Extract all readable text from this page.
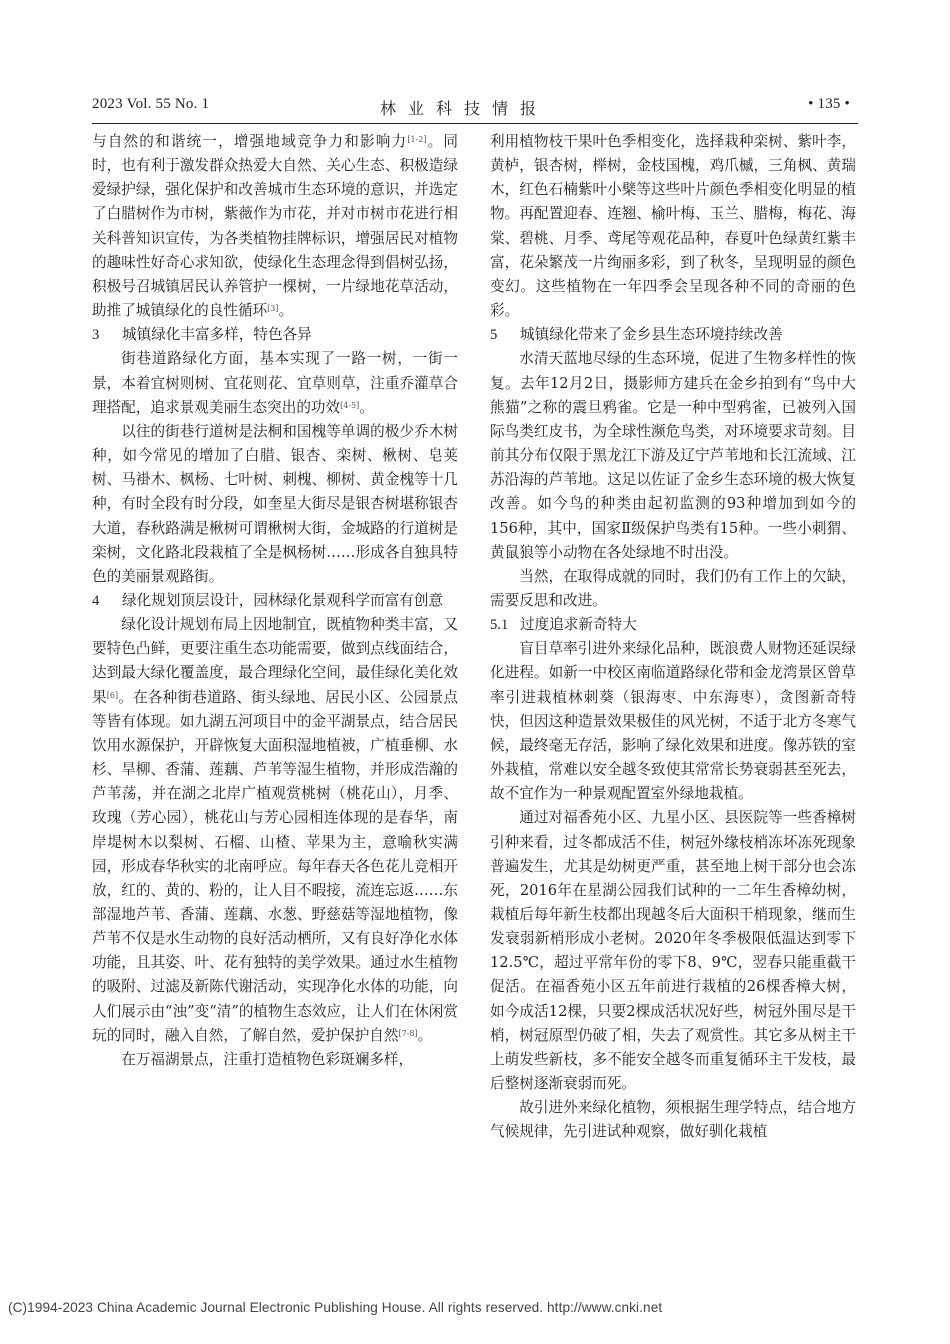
2023 Vol. 55 No. 1	林业科技情报	• 135 •

与自然的和谐统一，增强地域竞争力和影响力[1-2]。同时，也有利于激发群众热爱大自然、关心生态、积极造绿爱绿护绿，强化保护和改善城市生态环境的意识，并选定了白腊树作为市树，紫薇作为市花，并对市树市花进行相关科普知识宣传，为各类植物挂牌标识，增强居民对植物的趣味性好奇心求知欲，使绿化生态理念得到倡树弘扬，积极号召城镇居民认养管护一棵树，一片绿地花草活动，助推了城镇绿化的良性循环[3]。

3 城镇绿化丰富多样，特色各异

街巷道路绿化方面，基本实现了一路一树，一街一景，本着宜树则树、宜花则花、宜草则草，注重乔灌草合理搭配，追求景观美丽生态突出的功效[4-5]。

以往的街巷行道树是法桐和国槐等单调的极少乔木树种，如今常见的增加了白腊、银杏、栾树、楸树、皂荚树、马褂木、枫杨、七叶树、刺槐、柳树、黄金槐等十几种，有时全段有时分段，如奎星大街尽是银杏树堪称银杏大道，春秋路满是楸树可谓楸树大街，金城路的行道树是栾树，文化路北段栽植了全是枫杨树……形成各自独具特色的美丽景观路街。

4 绿化规划顶层设计，园林绿化景观科学而富有创意

绿化设计规划布局上因地制宜，既植物种类丰富，又要特色凸鲜，更要注重生态功能需要，做到点线面结合，达到最大绿化覆盖度，最合理绿化空间，最佳绿化美化效果[6]。在各种街巷道路、街头绿地、居民小区、公园景点等皆有体现。如九湖五河项目中的金平湖景点，结合居民饮用水源保护，开辟恢复大面积湿地植被，广植垂柳、水杉、旱柳、香蒲、莲藕、芦苇等湿生植物，并形成浩瀚的芦苇荡，并在湖之北岸广植观赏桃树（桃花山），月季、玫瑰（芳心园），桃花山与芳心园相连体现的是春华，南岸堤树木以梨树、石榴、山楂、苹果为主，意喻秋实满园，形成春华秋实的北南呼应。每年春天各色花儿竞相开放，红的、黄的、粉的，让人目不暇接，流连忘返……东部湿地芦苇、香蒲、莲藕、水葱、野慈菇等湿地植物，像芦苇不仅是水生动物的良好活动栖所，又有良好净化水体功能，且其姿、叶、花有独特的美学效果。通过水生植物的吸附、过滤及新陈代谢活动，实现净化水体的功能，向人们展示由“浊”变“清”的植物生态效应，让人们在休闲赏玩的同时，融入自然，了解自然，爱护保护自然[7-8]。

在万福湖景点，注重打造植物色彩斑斓多样，

利用植物枝干果叶色季相变化，选择栽种栾树、紫叶李，黄栌，银杏树，榉树，金枝国槐，鸡爪槭，三角枫、黄瑞木，红色石楠紫叶小檗等这些叶片颜色季相变化明显的植物。再配置迎春、连翘、榆叶梅、玉兰、腊梅，梅花、海棠、碧桃、月季、鸢尾等观花品种，春夏叶色绿黄红紫丰富，花朵繁茂一片绚丽多彩，到了秋冬，呈现明显的颜色变幻。这些植物在一年四季会呈现各种不同的奇丽的色彩。

5 城镇绿化带来了金乡县生态环境持续改善

水清天蓝地尽绿的生态环境，促进了生物多样性的恢复。去年12月2日，摄影师方建兵在金乡拍到有“鸟中大熊猫”之称的震旦鸦雀。它是一种中型鸦雀，已被列入国际鸟类红皮书，为全球性濒危鸟类，对环境要求苛刻。目前其分布仅限于黑龙江下游及辽宁芦苇地和长江流域、江苏沿海的芦苇地。这足以佐证了金乡生态环境的极大恢复改善。如今鸟的种类由起初监测的93种增加到如今的156种，其中，国家Ⅱ级保护鸟类有15种。一些小刺猬、黄鼠狼等小动物在各处绿地不时出没。

当然，在取得成就的同时，我们仍有工作上的欠缺，需要反思和改进。

5.1 过度追求新奇特大

盲目草率引进外来绿化品种，既浪费人财物还延误绿化进程。如新一中校区南临道路绿化带和金龙湾景区曾草率引进栽植林刺葵（银海枣、中东海枣），贪图新奇特快，但因这种造景效果极佳的风光树，不适于北方冬寒气候，最终毫无存活，影响了绿化效果和进度。像苏铁的室外栽植，常难以安全越冬致使其常常长势衰弱甚至死去，故不宜作为一种景观配置室外绿地栽植。

通过对福香苑小区、九星小区、县医院等一些香樟树引种来看，过冬都成活不佳，树冠外缘枝梢冻坏冻死现象普遍发生，尤其是幼树更严重，甚至地上树干部分也会冻死，2016年在星湖公园我们试种的一二年生香樟幼树，栽植后每年新生枝都出现越冬后大面积干梢现象，继而生发衰弱新梢形成小老树。2020年冬季极限低温达到零下12.5℃，超过平常年份的零下8、9℃，翌春只能重截干促活。在福香苑小区五年前进行栽植的26棵香樟大树，如今成活12棵，只要2棵成活状况好些，树冠外围尽是干梢，树冠原型仍破了相，失去了观赏性。其它多从树主干上萌发些新枝，多不能安全越冬而重复循环主干发枝，最后整树逐渐衰弱而死。

故引进外来绿化植物，须根据生理学特点，结合地方气候规律，先引进试种观察，做好驯化栽植

(C)1994-2023 China Academic Journal Electronic Publishing House. All rights reserved. http://www.cnki.net
